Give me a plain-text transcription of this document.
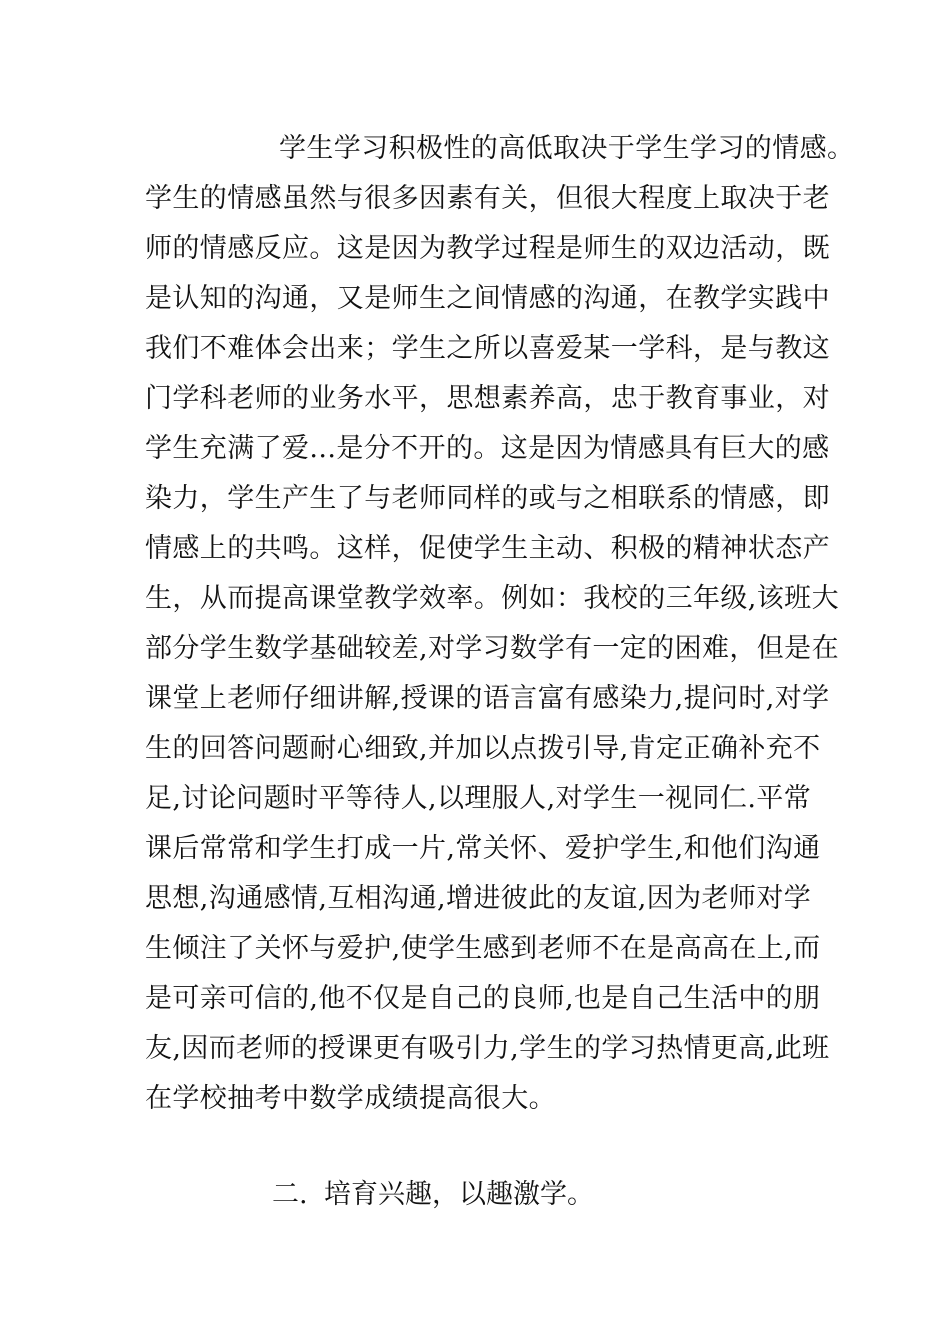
学生学习积极性的高低取决于学生学习的情感。
学生的情感虽然与很多因素有关，但很大程度上取决于老
师的情感反应。这是因为教学过程是师生的双边活动，既
是认知的沟通，又是师生之间情感的沟通，在教学实践中
我们不难体会出来；学生之所以喜爱某一学科，是与教这
门学科老师的业务水平，思想素养高，忠于教育事业，对
学生充满了爱...是分不开的。这是因为情感具有巨大的感
染力，学生产生了与老师同样的或与之相联系的情感，即
情感上的共鸣。这样，促使学生主动、积极的精神状态产
生，从而提高课堂教学效率。例如：我校的三年级,该班大
部分学生数学基础较差,对学习数学有一定的困难，但是在
课堂上老师仔细讲解,授课的语言富有感染力,提问时,对学
生的回答问题耐心细致,并加以点拨引导,肯定正确补充不
足,讨论问题时平等待人,以理服人,对学生一视同仁.平常
课后常常和学生打成一片,常关怀、爱护学生,和他们沟通
思想,沟通感情,互相沟通,增进彼此的友谊,因为老师对学
生倾注了关怀与爱护,使学生感到老师不在是高高在上,而
是可亲可信的,他不仅是自己的良师,也是自己生活中的朋
友,因而老师的授课更有吸引力,学生的学习热情更高,此班
在学校抽考中数学成绩提高很大。
二. 培育兴趣，以趣激学。
